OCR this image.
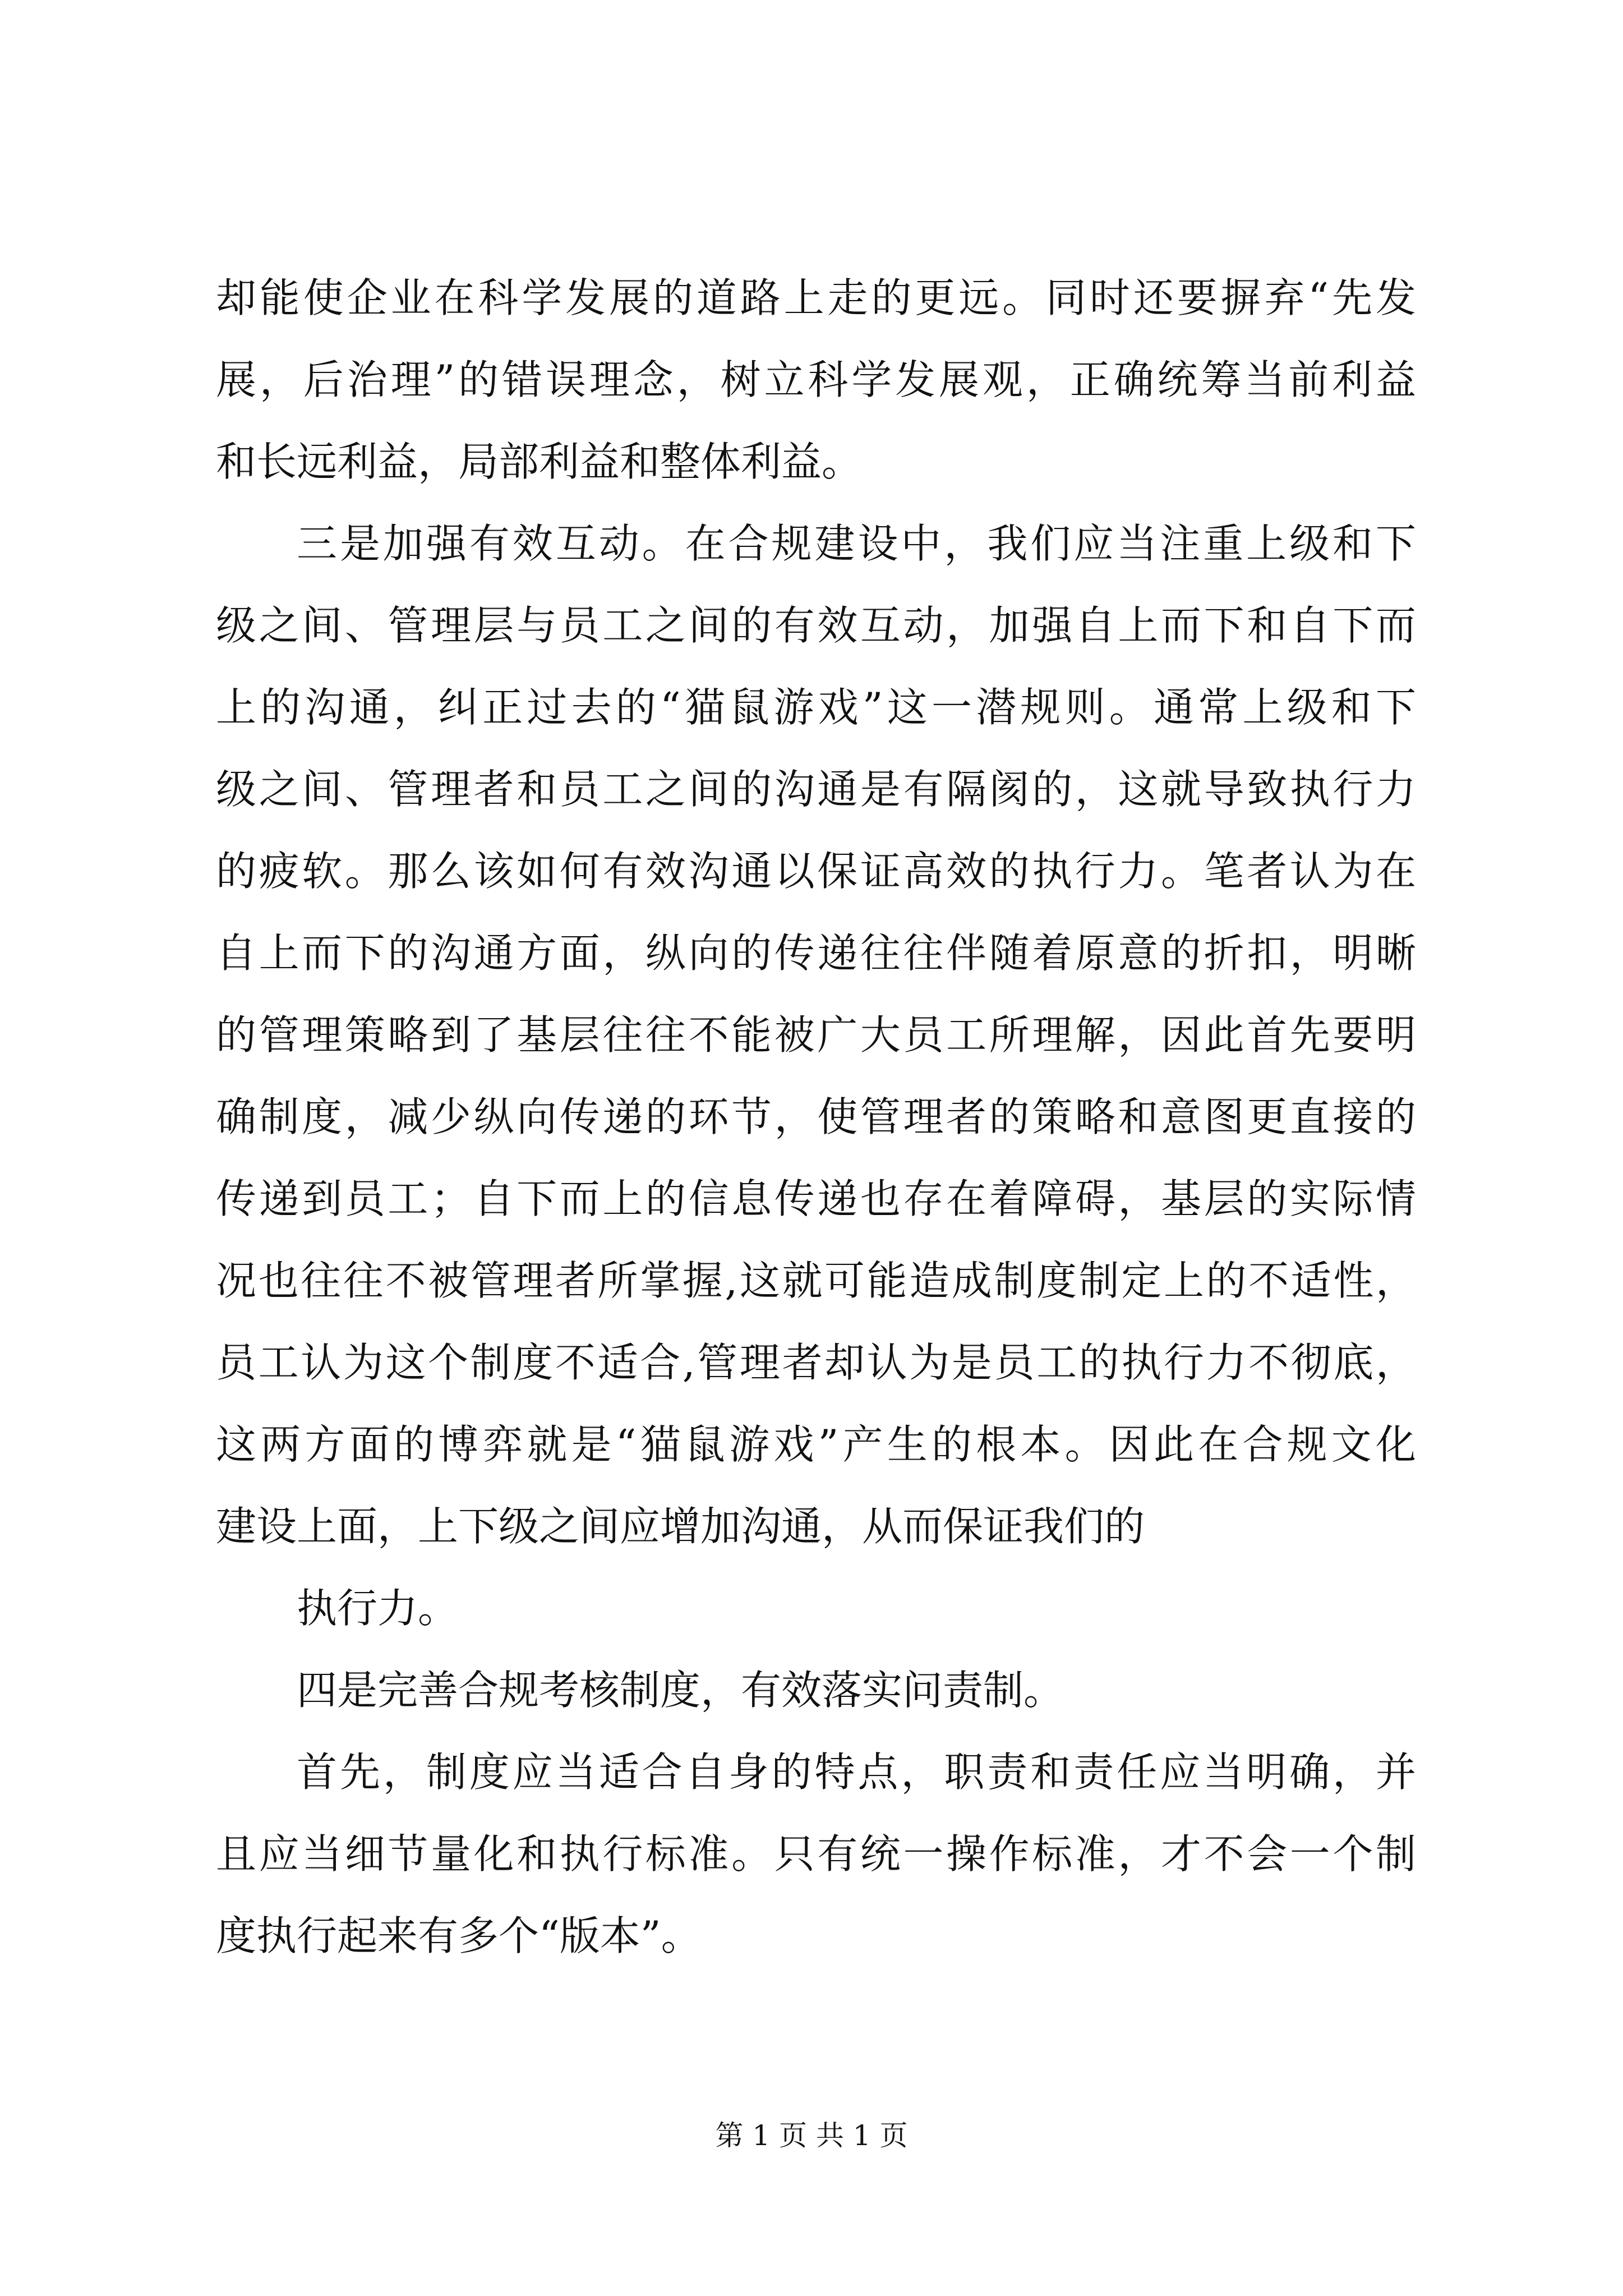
却能使企业在科学发展的道路上走的更远。同时还要摒弃“先发
展，后治理”的错误理念，树立科学发展观，正确统筹当前利益
和长远利益，局部利益和整体利益。
三是加强有效互动。在合规建设中，我们应当注重上级和下
级之间、管理层与员工之间的有效互动，加强自上而下和自下而
上的沟通，纠正过去的“猫鼠游戏”这一潜规则。通常上级和下
级之间、管理者和员工之间的沟通是有隔阂的，这就导致执行力
的疲软。那么该如何有效沟通以保证高效的执行力。笔者认为在
自上而下的沟通方面，纵向的传递往往伴随着原意的折扣，明晰
的管理策略到了基层往往不能被广大员工所理解，因此首先要明
确制度，减少纵向传递的环节，使管理者的策略和意图更直接的
传递到员工；自下而上的信息传递也存在着障碍，基层的实际情
况也往往不被管理者所掌握,这就可能造成制度制定上的不适性，
员工认为这个制度不适合,管理者却认为是员工的执行力不彻底，
这两方面的博弈就是“猫鼠游戏”产生的根本。因此在合规文化
建设上面，上下级之间应增加沟通，从而保证我们的
执行力。
四是完善合规考核制度，有效落实问责制。
首先，制度应当适合自身的特点，职责和责任应当明确，并
且应当细节量化和执行标准。只有统一操作标准，才不会一个制
度执行起来有多个“版本”。
第 1 页 共 1 页
